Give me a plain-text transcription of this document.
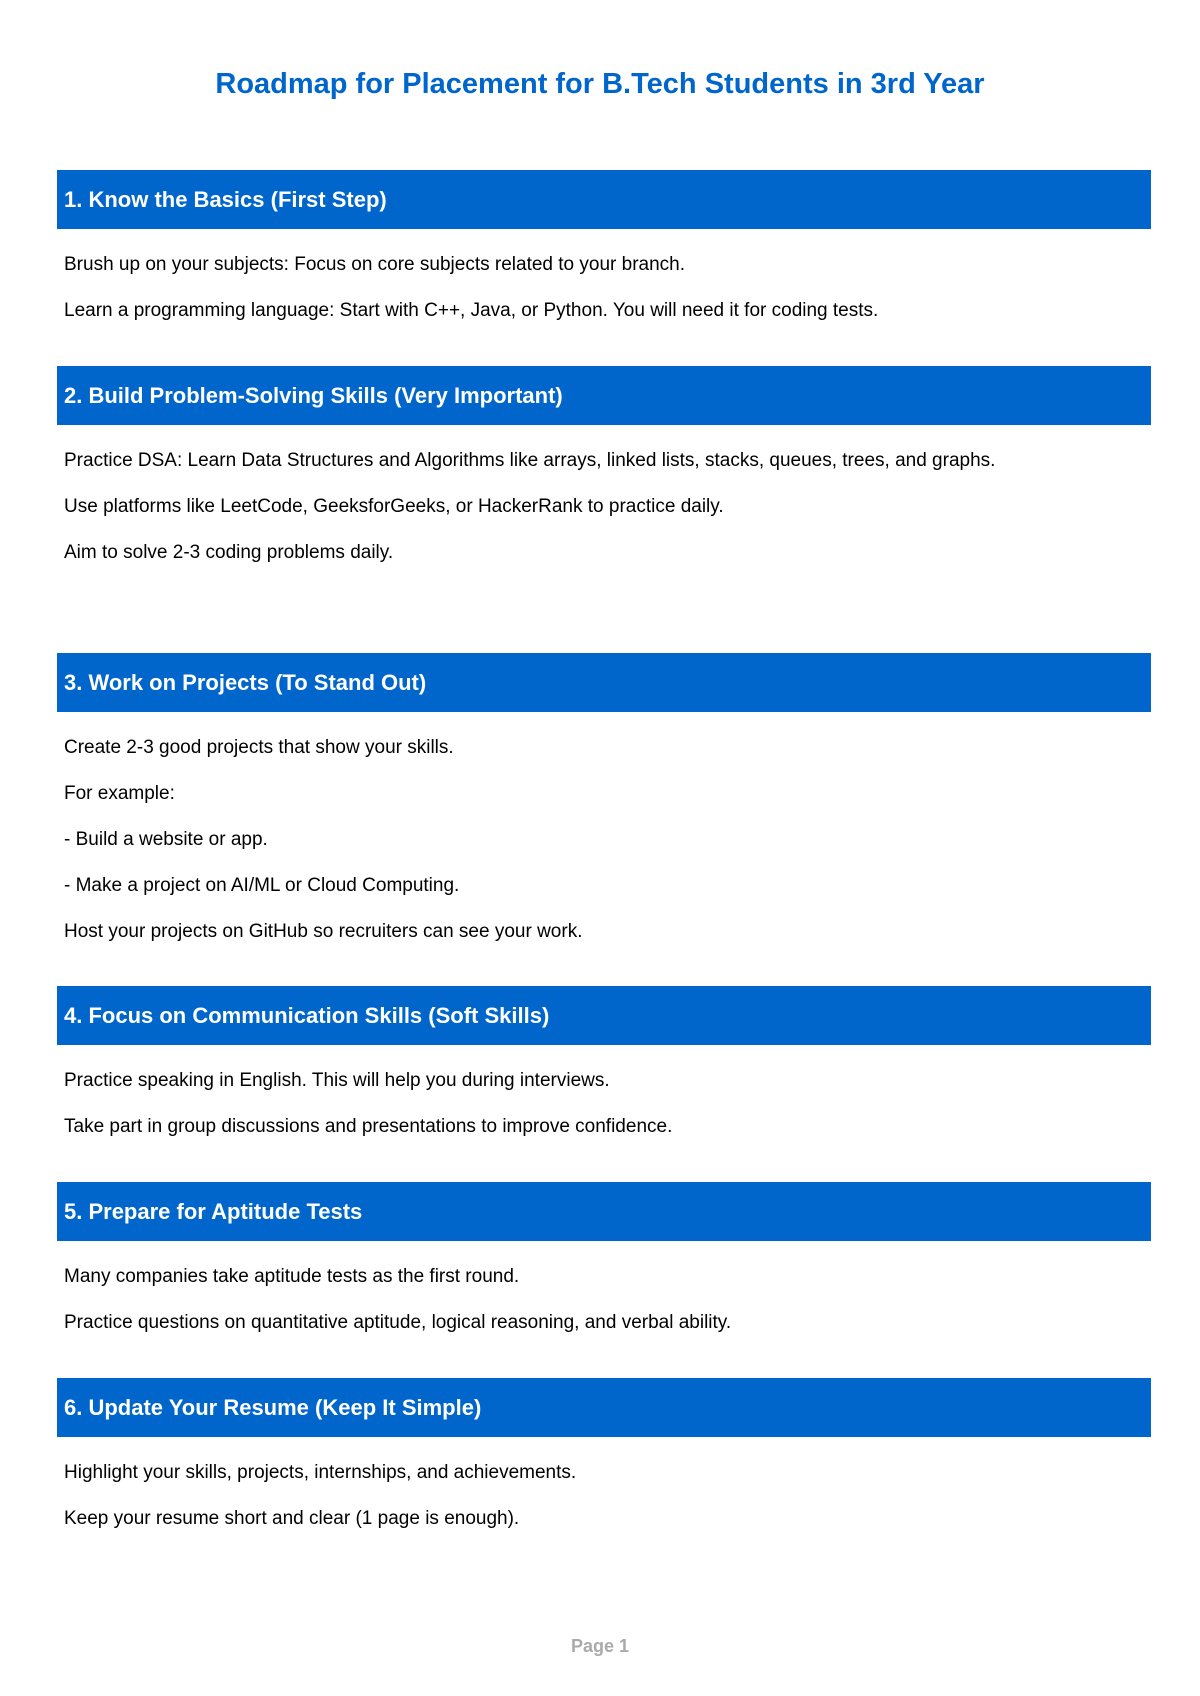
Roadmap for Placement for B.Tech Students in 3rd Year
1. Know the Basics (First Step)

Brush up on your subjects: Focus on core subjects related to your branch.

Learn a programming language: Start with C++, Java, or Python. You will need it for coding tests.

2. Build Problem-Solving Skills (Very Important)

Practice DSA: Learn Data Structures and Algorithms like arrays, linked lists, stacks, queues, trees, and graphs.

Use platforms like LeetCode, GeeksforGeeks, or HackerRank to practice daily.

Aim to solve 2-3 coding problems daily.

3. Work on Projects (To Stand Out)

Create 2-3 good projects that show your skills.

For example:

- Build a website or app.

- Make a project on AI/ML or Cloud Computing.

Host your projects on GitHub so recruiters can see your work.

4. Focus on Communication Skills (Soft Skills)

Practice speaking in English. This will help you during interviews.

Take part in group discussions and presentations to improve confidence.

5. Prepare for Aptitude Tests

Many companies take aptitude tests as the first round.

Practice questions on quantitative aptitude, logical reasoning, and verbal ability.

6. Update Your Resume (Keep It Simple)

Highlight your skills, projects, internships, and achievements.

Keep your resume short and clear (1 page is enough).

Page 1
